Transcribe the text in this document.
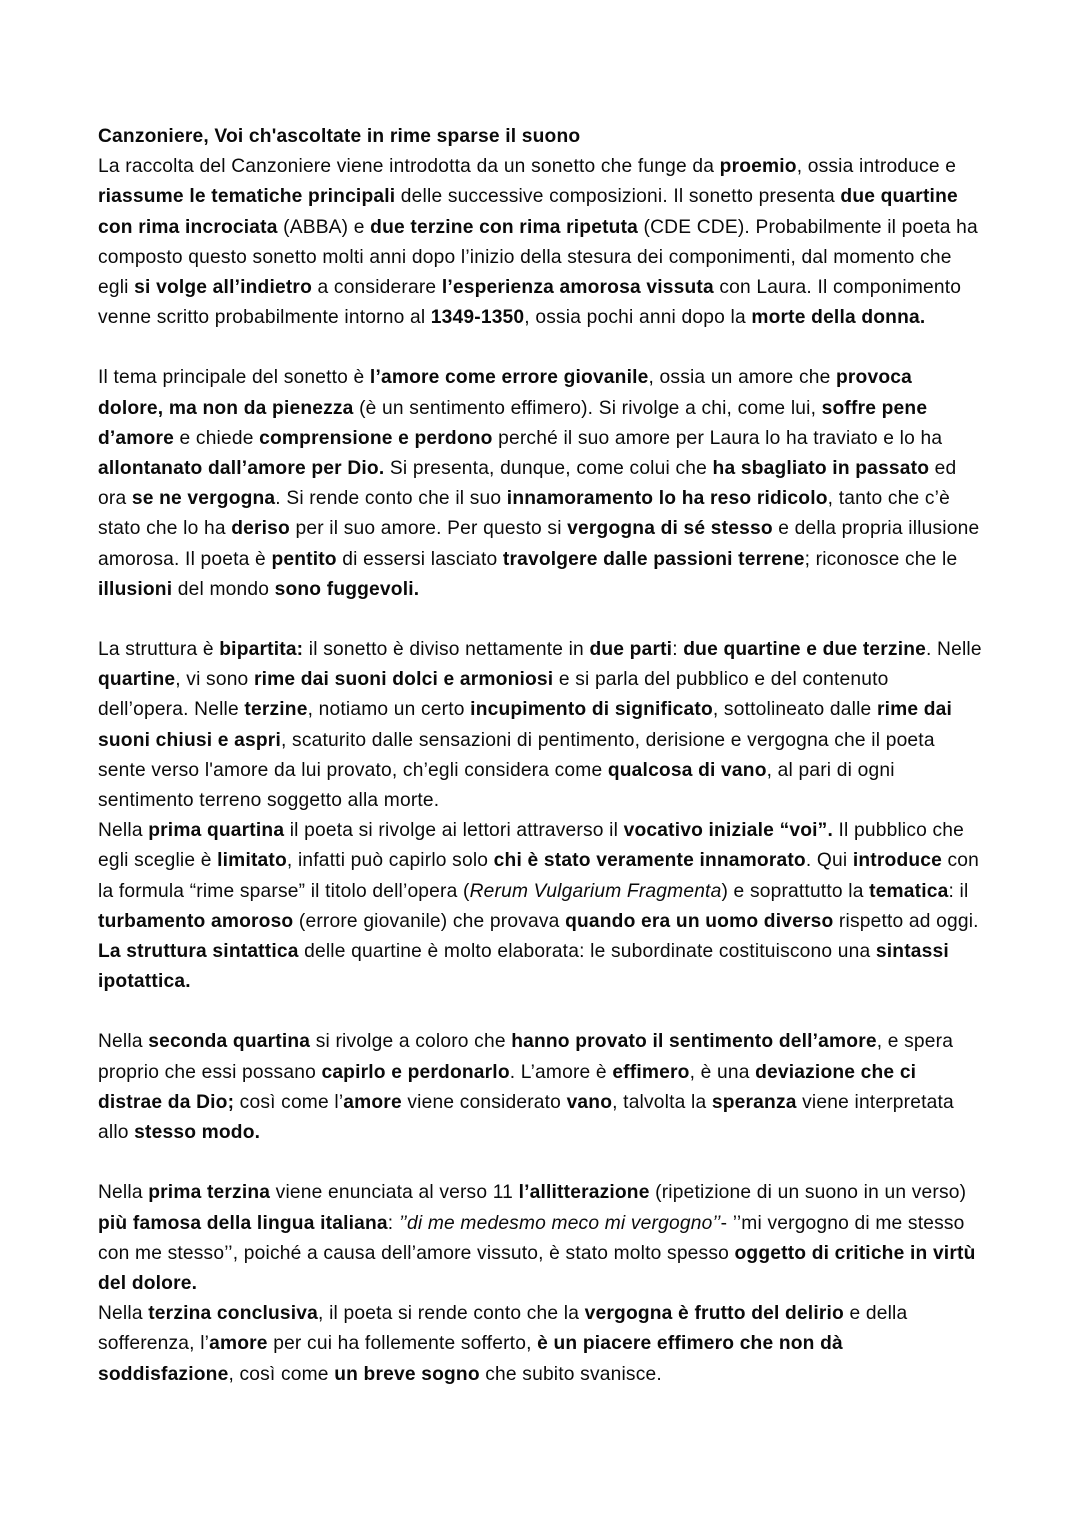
Canzoniere, Voi ch'ascoltate in rime sparse il suono

La raccolta del Canzoniere viene introdotta da un sonetto che funge da proemio, ossia introduce e riassume le tematiche principali delle successive composizioni. Il sonetto presenta due quartine con rima incrociata (ABBA) e due terzine con rima ripetuta (CDE CDE). Probabilmente il poeta ha composto questo sonetto molti anni dopo l’inizio della stesura dei componimenti, dal momento che egli si volge all’indietro a considerare l’esperienza amorosa vissuta con Laura. Il componimento venne scritto probabilmente intorno al 1349-1350, ossia pochi anni dopo la morte della donna.

Il tema principale del sonetto è l’amore come errore giovanile, ossia un amore che provoca dolore, ma non da pienezza (è un sentimento effimero). Si rivolge a chi, come lui, soffre pene d’amore e chiede comprensione e perdono perché il suo amore per Laura lo ha traviato e lo ha allontanato dall’amore per Dio. Si presenta, dunque, come colui che ha sbagliato in passato ed ora se ne vergogna. Si rende conto che il suo innamoramento lo ha reso ridicolo, tanto che c’è stato che lo ha deriso per il suo amore. Per questo si vergogna di sé stesso e della propria illusione amorosa. Il poeta è pentito di essersi lasciato travolgere dalle passioni terrene; riconosce che le illusioni del mondo sono fuggevoli.

La struttura è bipartita: il sonetto è diviso nettamente in due parti: due quartine e due terzine. Nelle quartine, vi sono rime dai suoni dolci e armoniosi e si parla del pubblico e del contenuto dell’opera. Nelle terzine, notiamo un certo incupimento di significato, sottolineato dalle rime dai suoni chiusi e aspri, scaturito dalle sensazioni di pentimento, derisione e vergogna che il poeta sente verso l'amore da lui provato, ch’egli considera come qualcosa di vano, al pari di ogni sentimento terreno soggetto alla morte.
Nella prima quartina il poeta si rivolge ai lettori attraverso il vocativo iniziale “voi”. Il pubblico che egli sceglie è limitato, infatti può capirlo solo chi è stato veramente innamorato. Qui introduce con la formula “rime sparse” il titolo dell’opera (Rerum Vulgarium Fragmenta) e soprattutto la tematica: il turbamento amoroso (errore giovanile) che provava quando era un uomo diverso rispetto ad oggi. La struttura sintattica delle quartine è molto elaborata: le subordinate costituiscono una sintassi ipotattica.

Nella seconda quartina si rivolge a coloro che hanno provato il sentimento dell’amore, e spera proprio che essi possano capirlo e perdonarlo. L’amore è effimero, è una deviazione che ci distrae da Dio; così come l’amore viene considerato vano, talvolta la speranza viene interpretata allo stesso modo.

Nella prima terzina viene enunciata al verso 11 l’allitterazione (ripetizione di un suono in un verso) più famosa della lingua italiana: ’’di me medesmo meco mi vergogno’’- ’’mi vergogno di me stesso con me stesso’’, poiché a causa dell’amore vissuto, è stato molto spesso oggetto di critiche in virtù del dolore.
Nella terzina conclusiva, il poeta si rende conto che la vergogna è frutto del delirio e della sofferenza, l’amore per cui ha follemente sofferto, è un piacere effimero che non dà soddisfazione, così come un breve sogno che subito svanisce.
